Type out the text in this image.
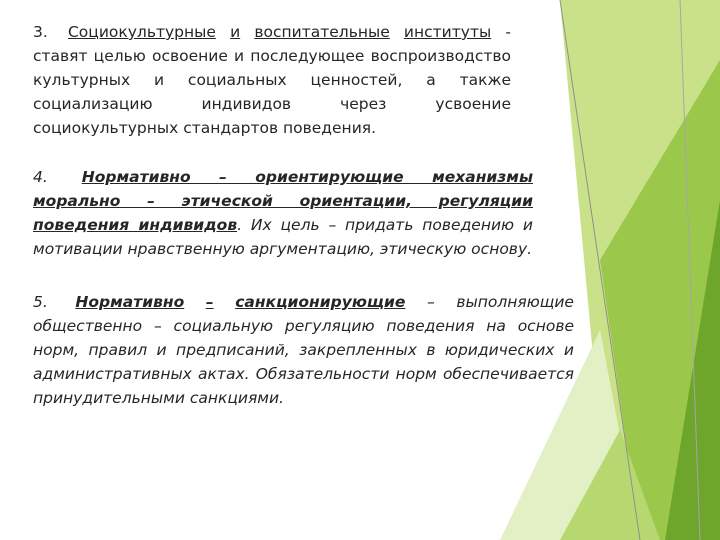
3. Социокультурные и воспитательные институты - ставят целью освоение и последующее воспроизводство культурных и социальных ценностей, а также социализацию индивидов через усвоение социокультурных стандартов поведения.

4. Нормативно – ориентирующие механизмы морально – этической ориентации, регуляции поведения индивидов. Их цель – придать поведению и мотивации нравственную аргументацию, этическую основу.

5. Нормативно – санкционирующие – выполняющие общественно – социальную регуляцию поведения на основе норм, правил и предписаний, закрепленных в юридических и административных актах. Обязательности норм обеспечивается принудительными санкциями.
